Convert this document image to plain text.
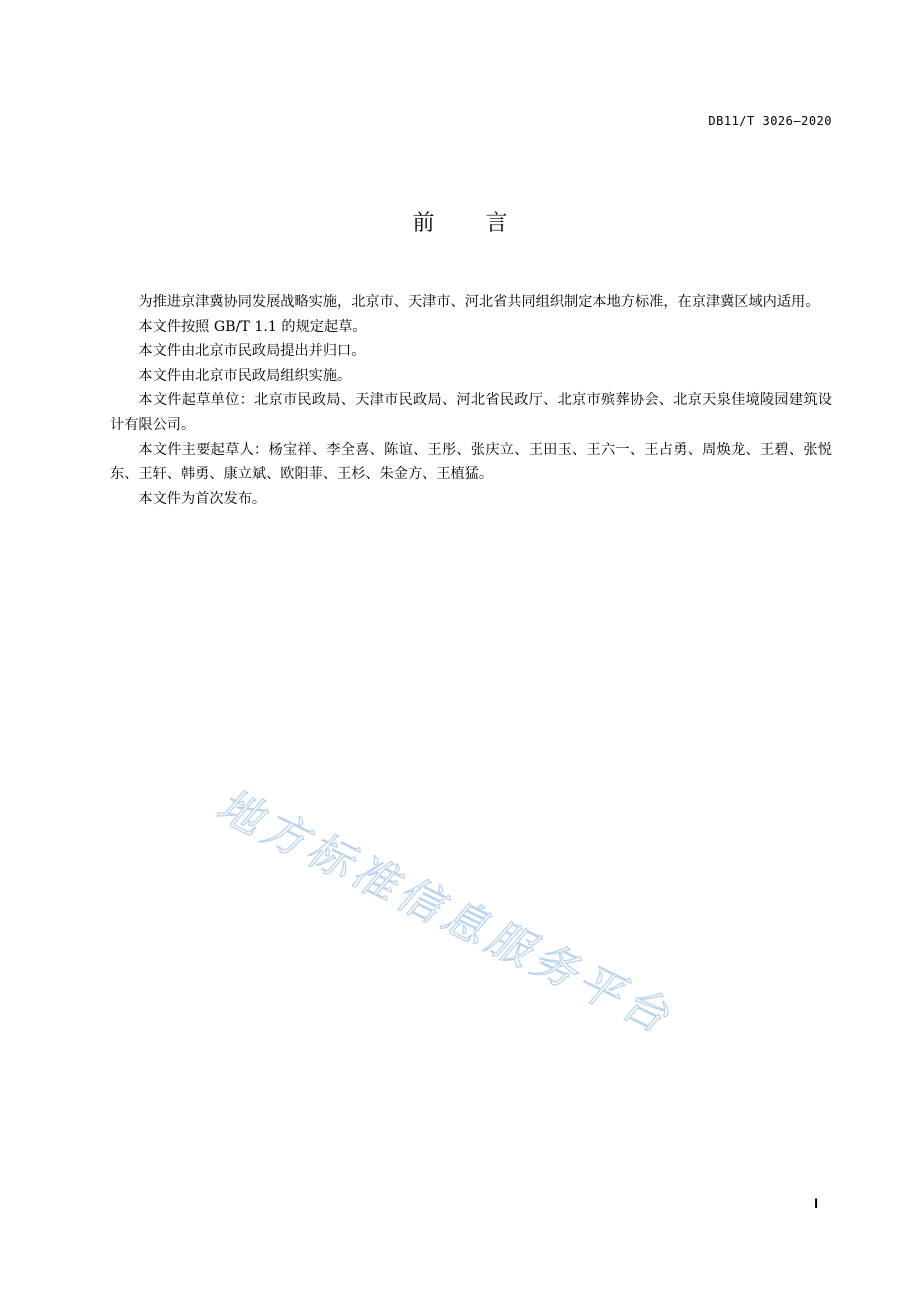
DB11/T 3026—2020
前 言

为推进京津冀协同发展战略实施，北京市、天津市、河北省共同组织制定本地方标准，在京津冀区域内适用。

本文件按照 GB/T 1.1 的规定起草。

本文件由北京市民政局提出并归口。

本文件由北京市民政局组织实施。

本文件起草单位：北京市民政局、天津市民政局、河北省民政厅、北京市殡葬协会、北京天泉佳境陵园建筑设计有限公司。

本文件主要起草人：杨宝祥、李全喜、陈谊、王彤、张庆立、王田玉、王六一、王占勇、周焕龙、王碧、张悦东、王轩、韩勇、康立斌、欧阳菲、王杉、朱金方、王植猛。

本文件为首次发布。

地方标准信息服务平台
I
